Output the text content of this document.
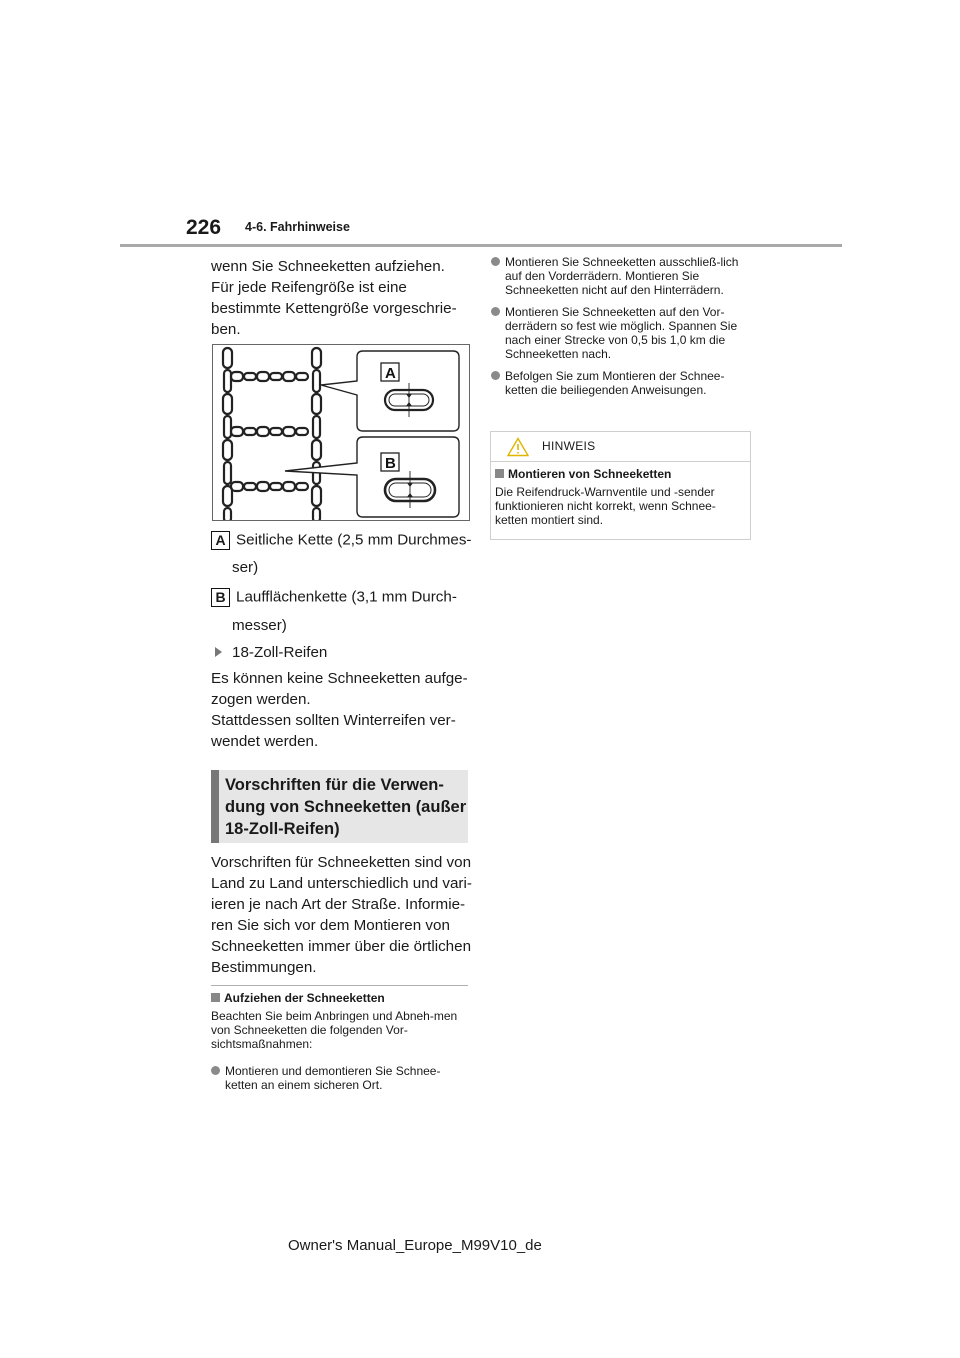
226 4-6. Fahrhinweise
wenn Sie Schneeketten aufziehen. Für jede Reifengröße ist eine bestimmte Kettengröße vorgeschrie-ben.
A
B
A Seitliche Kette (2,5 mm Durchmes-
ser)
B Laufflächenkette (3,1 mm Durch-
messer)
18-Zoll-Reifen
Es können keine Schneeketten aufge-zogen werden.
Stattdessen sollten Winterreifen ver-wendet werden.
Vorschriften für die Verwen-dung von Schneeketten (außer 18-Zoll-Reifen)
Vorschriften für Schneeketten sind von Land zu Land unterschiedlich und vari-ieren je nach Art der Straße. Informie-ren Sie sich vor dem Montieren von Schneeketten immer über die örtlichen Bestimmungen.
Aufziehen der Schneeketten
Beachten Sie beim Anbringen und Abneh-men von Schneeketten die folgenden Vor-sichtsmaßnahmen:
Montieren und demontieren Sie Schnee-ketten an einem sicheren Ort.
Montieren Sie Schneeketten ausschließ-lich auf den Vorderrädern. Montieren Sie Schneeketten nicht auf den Hinterrädern.
Montieren Sie Schneeketten auf den Vor-derrädern so fest wie möglich. Spannen Sie nach einer Strecke von 0,5 bis 1,0 km die Schneeketten nach.
Befolgen Sie zum Montieren der Schnee-ketten die beiliegenden Anweisungen.
HINWEIS
Montieren von Schneeketten
Die Reifendruck-Warnventile und -sender funktionieren nicht korrekt, wenn Schnee-ketten montiert sind.
Owner's Manual_Europe_M99V10_de
